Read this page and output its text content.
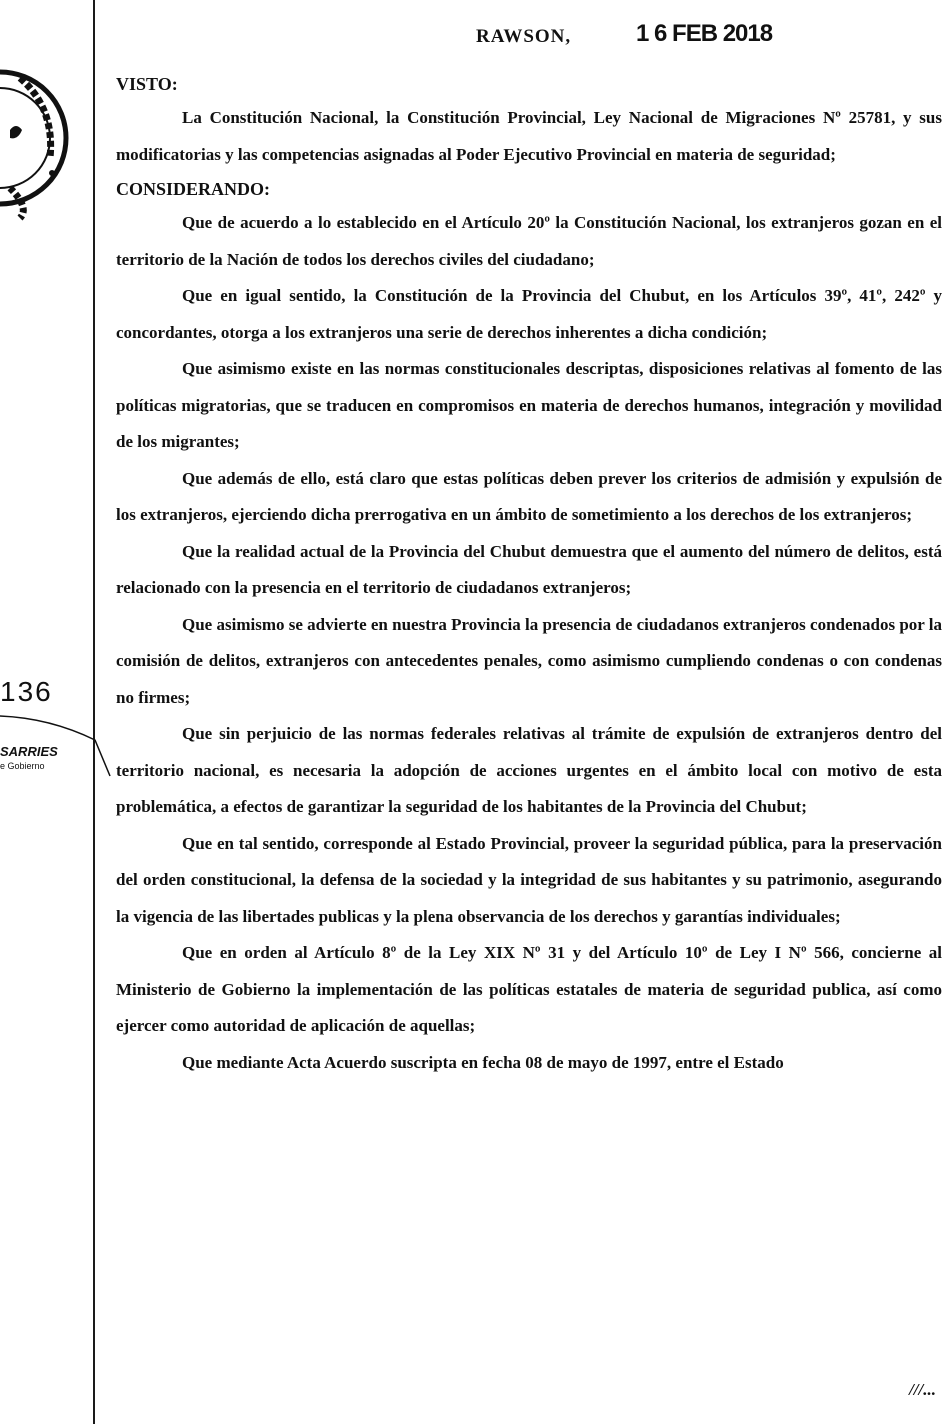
136
SARRIES
e Gobierno
RAWSON,	1 6 FEB 2018
VISTO:

La Constitución Nacional, la Constitución Provincial, Ley Nacional de Migraciones Nº 25781, y sus modificatorias y las competencias asignadas al Poder Ejecutivo Provincial en materia de seguridad;

CONSIDERANDO:

Que de acuerdo a lo establecido en el Artículo 20º la Constitución Nacional, los extranjeros gozan en el territorio de la Nación de todos los derechos civiles del ciudadano;

Que en igual sentido, la Constitución de la Provincia del Chubut, en los Artículos 39º, 41º, 242º y concordantes, otorga a los extranjeros una serie de derechos inherentes a dicha condición;

Que asimismo existe en las normas constitucionales descriptas, disposiciones relativas al fomento de las políticas migratorias, que se traducen en compromisos en materia de derechos humanos, integración y movilidad de los migrantes;

Que además de ello, está claro que estas políticas deben prever los criterios de admisión y expulsión de los extranjeros, ejerciendo dicha prerrogativa en un ámbito de sometimiento a los derechos de los extranjeros;

Que la realidad actual de la Provincia del Chubut demuestra que el aumento del número de delitos, está relacionado con la presencia en el territorio de ciudadanos extranjeros;

Que asimismo se advierte en nuestra Provincia la presencia de ciudadanos extranjeros condenados por la comisión de delitos, extranjeros con antecedentes penales, como asimismo cumpliendo condenas o con condenas no firmes;

Que sin perjuicio de las normas federales relativas al trámite de expulsión de extranjeros dentro del territorio nacional, es necesaria la adopción de acciones urgentes en el ámbito local con motivo de esta problemática, a efectos de garantizar la seguridad de los habitantes de la Provincia del Chubut;

Que en tal sentido, corresponde al Estado Provincial, proveer la seguridad pública, para la preservación del orden constitucional, la defensa de la sociedad y la integridad de sus habitantes y su patrimonio, asegurando la vigencia de las libertades publicas y la plena observancia de los derechos y garantías individuales;

Que en orden al Artículo 8º de la Ley XIX Nº 31 y del Artículo 10º de Ley I Nº 566, concierne al Ministerio de Gobierno la implementación de las políticas estatales de materia de seguridad publica, así como ejercer como autoridad de aplicación de aquellas;

Que mediante Acta Acuerdo suscripta en fecha 08 de mayo de 1997, entre el Estado

///...
